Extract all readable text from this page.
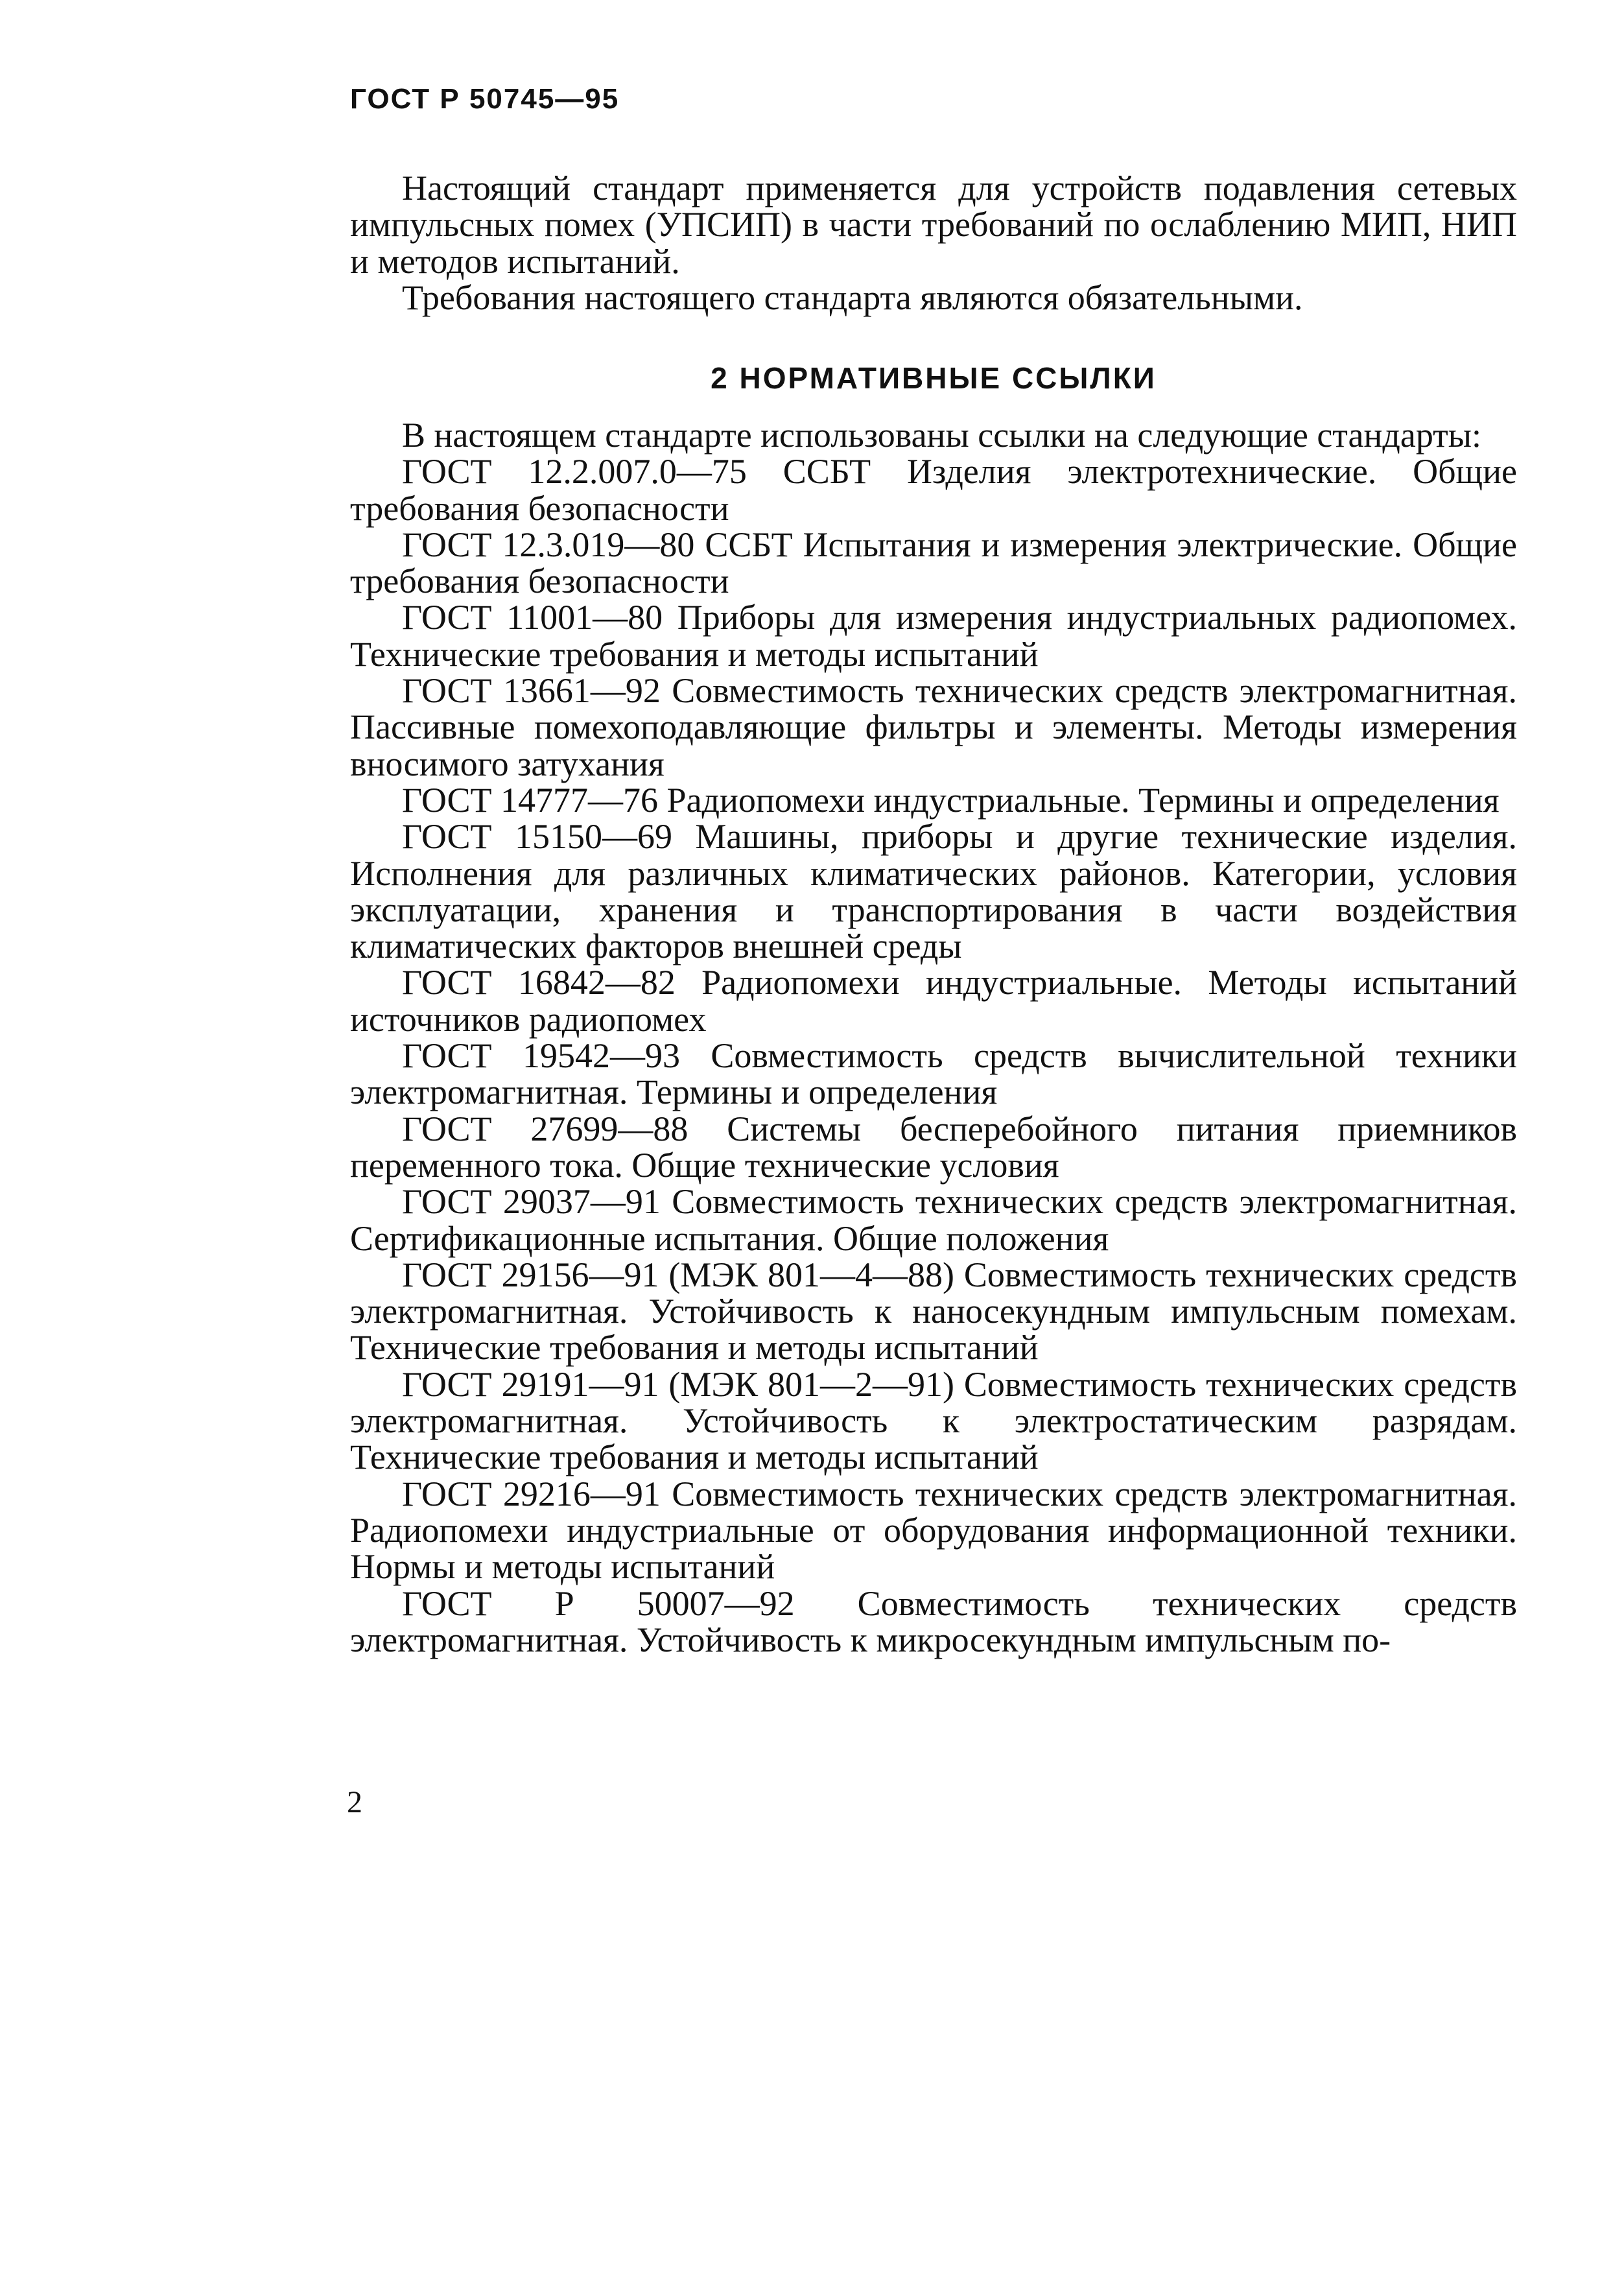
ГОСТ Р 50745—95

Настоящий стандарт применяется для устройств подавления сетевых импульсных помех (УПСИП) в части требований по ослаблению МИП, НИП и методов испытаний.

Требования настоящего стандарта являются обязательными.

2 НОРМАТИВНЫЕ ССЫЛКИ

В настоящем стандарте использованы ссылки на следующие стандарты:

ГОСТ 12.2.007.0—75 ССБТ Изделия электротехнические. Общие требования безопасности

ГОСТ 12.3.019—80 ССБТ Испытания и измерения электрические. Общие требования безопасности

ГОСТ 11001—80 Приборы для измерения индустриальных радиопомех. Технические требования и методы испытаний

ГОСТ 13661—92 Совместимость технических средств электромагнитная. Пассивные помехоподавляющие фильтры и элементы. Методы измерения вносимого затухания

ГОСТ 14777—76 Радиопомехи индустриальные. Термины и определения

ГОСТ 15150—69 Машины, приборы и другие технические изделия. Исполнения для различных климатических районов. Категории, условия эксплуатации, хранения и транспортирования в части воздействия климатических факторов внешней среды

ГОСТ 16842—82 Радиопомехи индустриальные. Методы испытаний источников радиопомех

ГОСТ 19542—93 Совместимость средств вычислительной техники электромагнитная. Термины и определения

ГОСТ 27699—88 Системы бесперебойного питания приемников переменного тока. Общие технические условия

ГОСТ 29037—91 Совместимость технических средств электромагнитная. Сертификационные испытания. Общие положения

ГОСТ 29156—91 (МЭК 801—4—88) Совместимость технических средств электромагнитная. Устойчивость к наносекундным импульсным помехам. Технические требования и методы испытаний

ГОСТ 29191—91 (МЭК 801—2—91) Совместимость технических средств электромагнитная. Устойчивость к электростатическим разрядам. Технические требования и методы испытаний

ГОСТ 29216—91 Совместимость технических средств электромагнитная. Радиопомехи индустриальные от оборудования информационной техники. Нормы и методы испытаний

ГОСТ Р 50007—92 Совместимость технических средств электромагнитная. Устойчивость к микросекундным импульсным по-

2
